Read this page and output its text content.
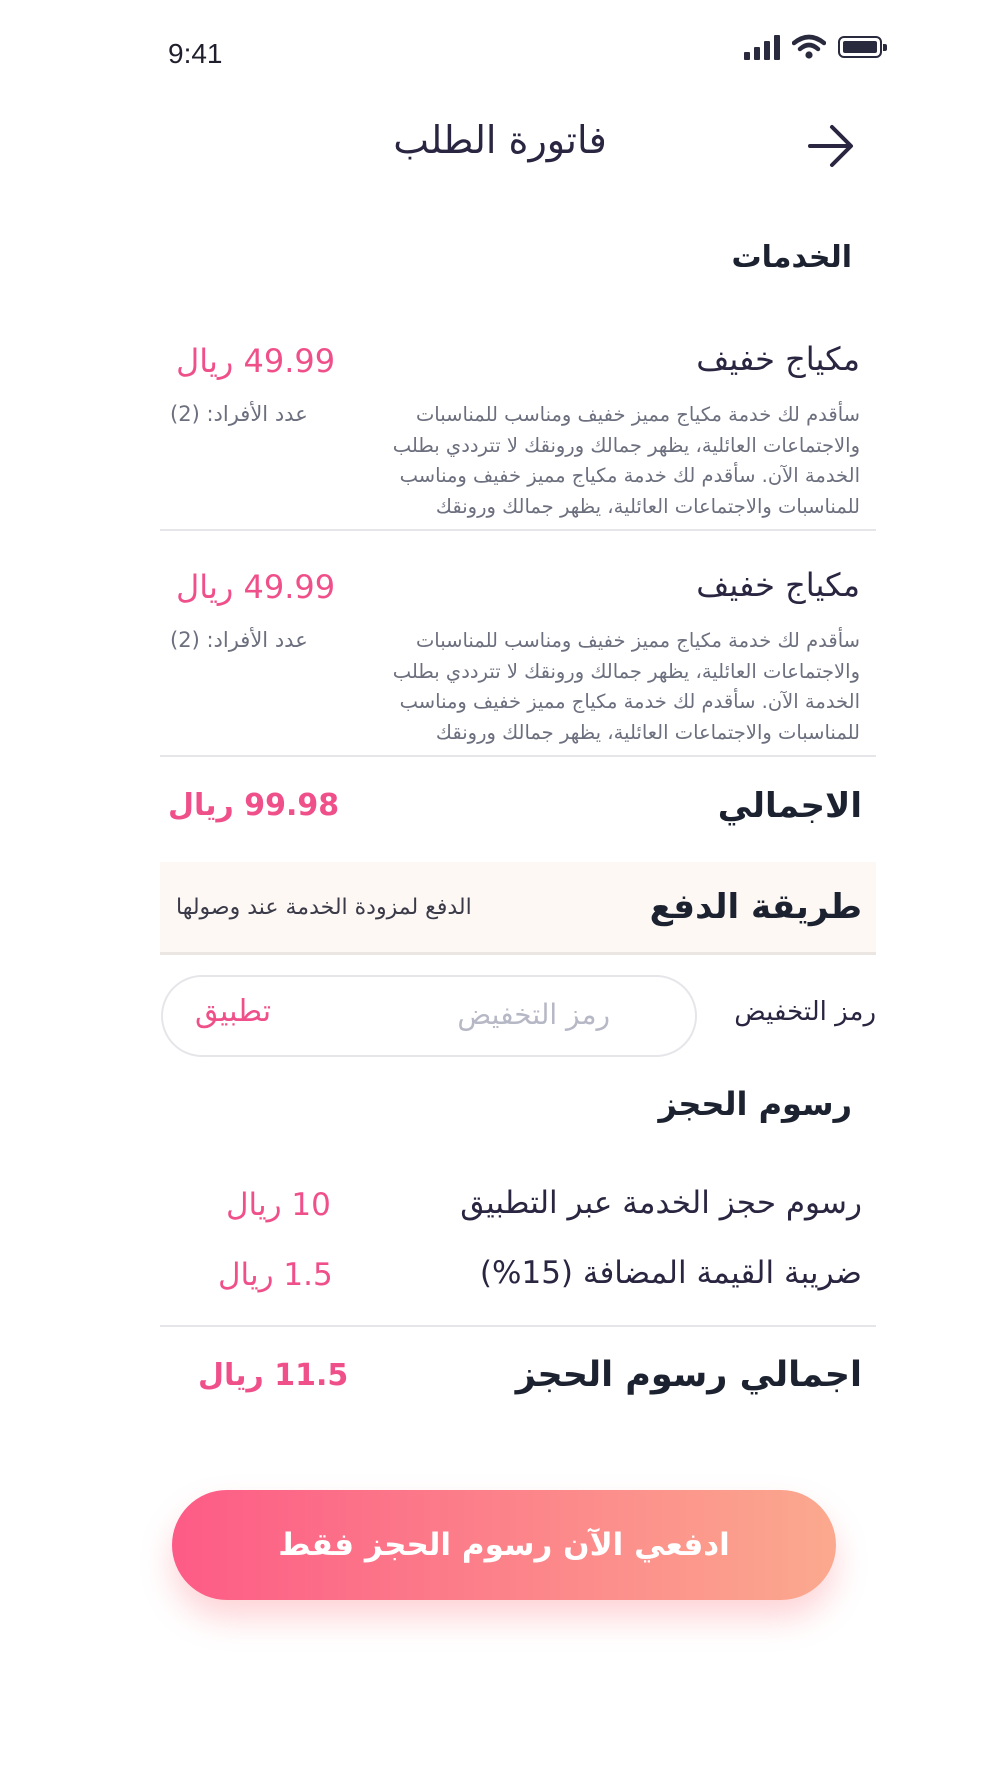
9:41
فاتورة الطلب
الخدمات
مكياج خفيف
49.99 ريال
سأقدم لك خدمة مكياج مميز خفيف ومناسب للمناسبات والاجتماعات العائلية، يظهر جمالك ورونقك لا تترددي بطلب الخدمة الآن. سأقدم لك خدمة مكياج مميز خفيف ومناسب للمناسبات والاجتماعات العائلية، يظهر جمالك ورونقك
عدد الأفراد: (2)
مكياج خفيف
49.99 ريال
سأقدم لك خدمة مكياج مميز خفيف ومناسب للمناسبات والاجتماعات العائلية، يظهر جمالك ورونقك لا تترددي بطلب الخدمة الآن. سأقدم لك خدمة مكياج مميز خفيف ومناسب للمناسبات والاجتماعات العائلية، يظهر جمالك ورونقك
عدد الأفراد: (2)
الاجمالي
99.98 ريال
طريقة الدفع
الدفع لمزودة الخدمة عند وصولها
رمز التخفيض
رمز التخفيض
تطبيق
رسوم الحجز
رسوم حجز الخدمة عبر التطبيق
10 ريال
ضريبة القيمة المضافة (15%)
1.5 ريال
اجمالي رسوم الحجز
11.5 ريال
ادفعي الآن رسوم الحجز فقط
